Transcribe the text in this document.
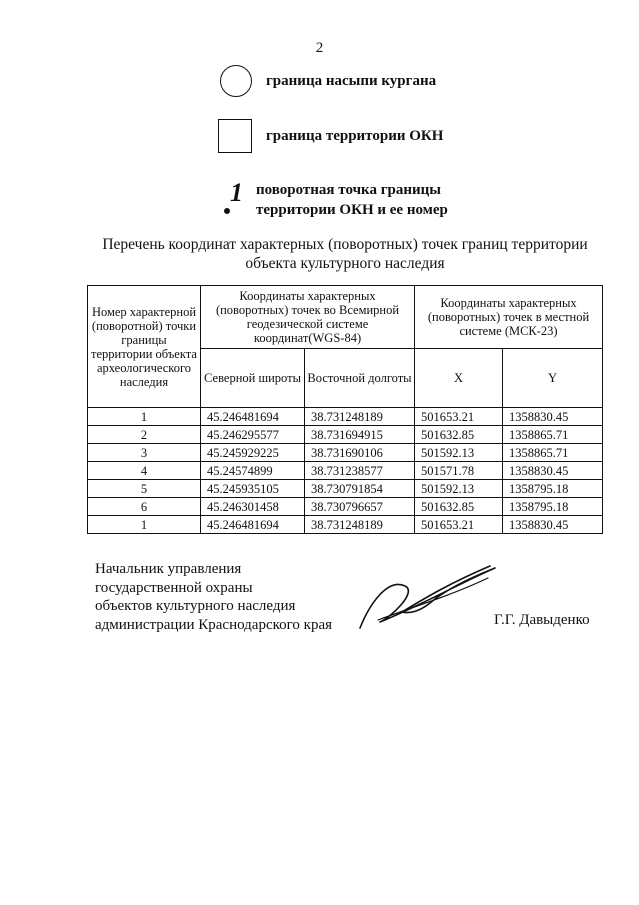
2
граница насыпи кургана
граница территории ОКН
1 поворотная точка границы
территории ОКН и ее номер
Перечень координат характерных (поворотных) точек границ территории
объекта культурного наследия
Номер характерной (поворотной) точки границы территории объекта археологического наследия	Координаты характерных (поворотных) точек во Всемирной геодезической системе координат(WGS-84)		Координаты характерных (поворотных) точек в местной системе (МСК-23)	
	Северной широты	Восточной долготы	X	Y
1	45.246481694	38.731248189	501653.21	1358830.45
2	45.246295577	38.731694915	501632.85	1358865.71
3	45.245929225	38.731690106	501592.13	1358865.71
4	45.24574899	38.731238577	501571.78	1358830.45
5	45.245935105	38.730791854	501592.13	1358795.18
6	45.246301458	38.730796657	501632.85	1358795.18
1	45.246481694	38.731248189	501653.21	1358830.45
Начальник управления
государственной охраны
объектов культурного наследия
администрации Краснодарского края	Г.Г. Давыденко
